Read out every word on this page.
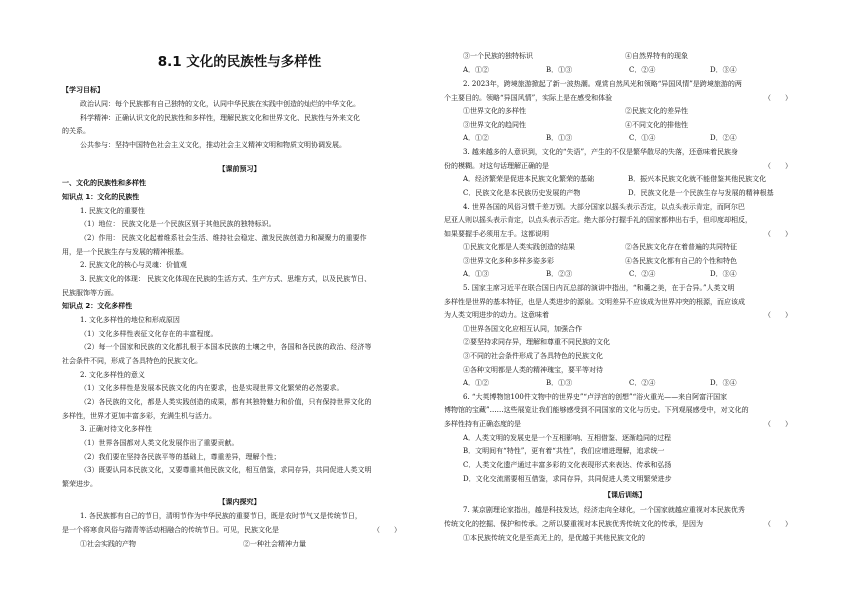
8.1 文化的民族性与多样性
【学习目标】
政治认同：每个民族都有自己独特的文化，认同中华民族在实践中创造的灿烂的中华文化。
科学精神：正确认识文化的民族性和多样性，理解民族文化和世界文化、民族性与外来文化
的关系。
公共参与：坚持中国特色社会主义文化，推动社会主义精神文明和物质文明协调发展。
【课前预习】
一、文化的民族性和多样性
知识点 1：文化的民族性
1. 民族文化的重要性
（1）地位： 民族文化是一个民族区别于其他民族的独特标识。
（2）作用： 民族文化起着维系社会生活、维持社会稳定、激发民族创造力和凝聚力的重要作
用，是一个民族生存与发展的精神根基。
2. 民族文化的核心与灵魂：价值观
3. 民族文化的体现： 民族文化体现在民族的生活方式、生产方式、思维方式，以及民族节日、
民族服饰等方面。
知识点 2：文化多样性
1. 文化多样性的地位和形成原因
（1）文化多样性表征文化存在的丰富程度。
（2）每一个国家和民族的文化都扎根于本国本民族的土壤之中，各国和各民族的政治、经济等
社会条件不同，形成了各具特色的民族文化。
2. 文化多样性的意义
（1）文化多样性是发展本民族文化的内在要求，也是实现世界文化繁荣的必然要求。
（2）各民族的文化，都是人类实践创造的成果，都有其独特魅力和价值，只有保持世界文化的
多样性，世界才更加丰富多彩，充满生机与活力。
3. 正确对待文化多样性
（1）世界各国都对人类文化发展作出了重要贡献。
（2）我们要在坚持各民族平等的基础上，尊重差异，理解个性；
（3）既要认同本民族文化，又要尊重其他民族文化，相互借鉴，求同存异，共同促进人类文明
繁荣进步。
【课内探究】
1. 各民族都有自己的节日，清明节作为中华民族的重要节日，既是农时节气又是传统节日，
是一个将寒食风俗与踏青等活动相融合的传统节日。可见，民族文化是	（　　）
①社会实践的产物	②一种社会精神力量
③一个民族的独特标识	④自然界特有的现象
A．①②	B．①③	C．②④	D．③④
2. 2023年，跨境旅游掀起了新一波热潮。观赏自然风光和领略“异国风情”是跨境旅游的两
个主要目的。领略“异国风情”，实际上是在感受和体验	（　　）
①世界文化的多样性	②民族文化的差异性
③世界文化的趋同性	④不同文化的排他性
A．①②	B．①③	C．①④	D．②④
3. 越来越多的人意识到，文化的“失语”，产生的不仅是繁华散尽的失落，还意味着民族身
份的模糊。对这句话理解正确的是	（　　）
A．经济繁荣是促进本民族文化繁荣的基础	B．振兴本民族文化就不能借鉴其他民族文化
C．民族文化是本民族历史发展的产物	D．民族文化是一个民族生存与发展的精神根基
4. 世界各国的风俗习惯千差万别。大部分国家以摇头表示否定，以点头表示肯定，而阿尔巴
尼亚人则以摇头表示肯定，以点头表示否定。绝大部分打握手礼的国家都伸出右手，但印度却相反，
如果要握手必须用左手。这都说明	（　　）
①民族文化都是人类实践创造的结果	②各民族文化存在着普遍的共同特征
③世界文化多种多样多姿多彩	④各民族文化都有自己的个性和特色
A．①③	B．②③	C．②④	D．③④
5. 国家主席习近平在联合国日内瓦总部的演讲中指出，“和羹之美，在于合异。”人类文明
多样性是世界的基本特征，也是人类进步的源泉。文明差异不应该成为世界冲突的根源，而应该成
为人类文明进步的动力。这意味着	（　　）
①世界各国文化应相互认同，加强合作
②要坚持求同存异，理解和尊重不同民族的文化
③不同的社会条件形成了各具特色的民族文化
④各种文明都是人类的精神瑰宝，要平等对待
A．①②	B．①③	C．②④	D．③④
6. “大英博物馆100件文物中的世界史”“卢浮宫的创想”“浴火重光——来自阿富汗国家
博物馆的宝藏”……这些展览让我们能够感受到不同国家的文化与历史。下列观展感受中，对文化的
多样性持有正确态度的是	（　　）
A．人类文明的发展史是一个互相影响、互相借鉴、逐渐趋同的过程
B．文明间有“特性”，更有着“共性”，我们应增进理解，追求统一
C．人类文化遗产通过丰富多彩的文化表现形式来表达、传承和弘扬
D．文化交流需要相互借鉴，求同存异，共同促进人类文明繁荣进步
【课后训练】
7. 某京剧理论家指出，越是科技发达，经济走向全球化，一个国家就越应重视对本民族优秀
传统文化的挖掘、保护和传承。之所以要重视对本民族优秀传统文化的传承，是因为	（　　）
①本民族传统文化是至高无上的，是优越于其他民族文化的
